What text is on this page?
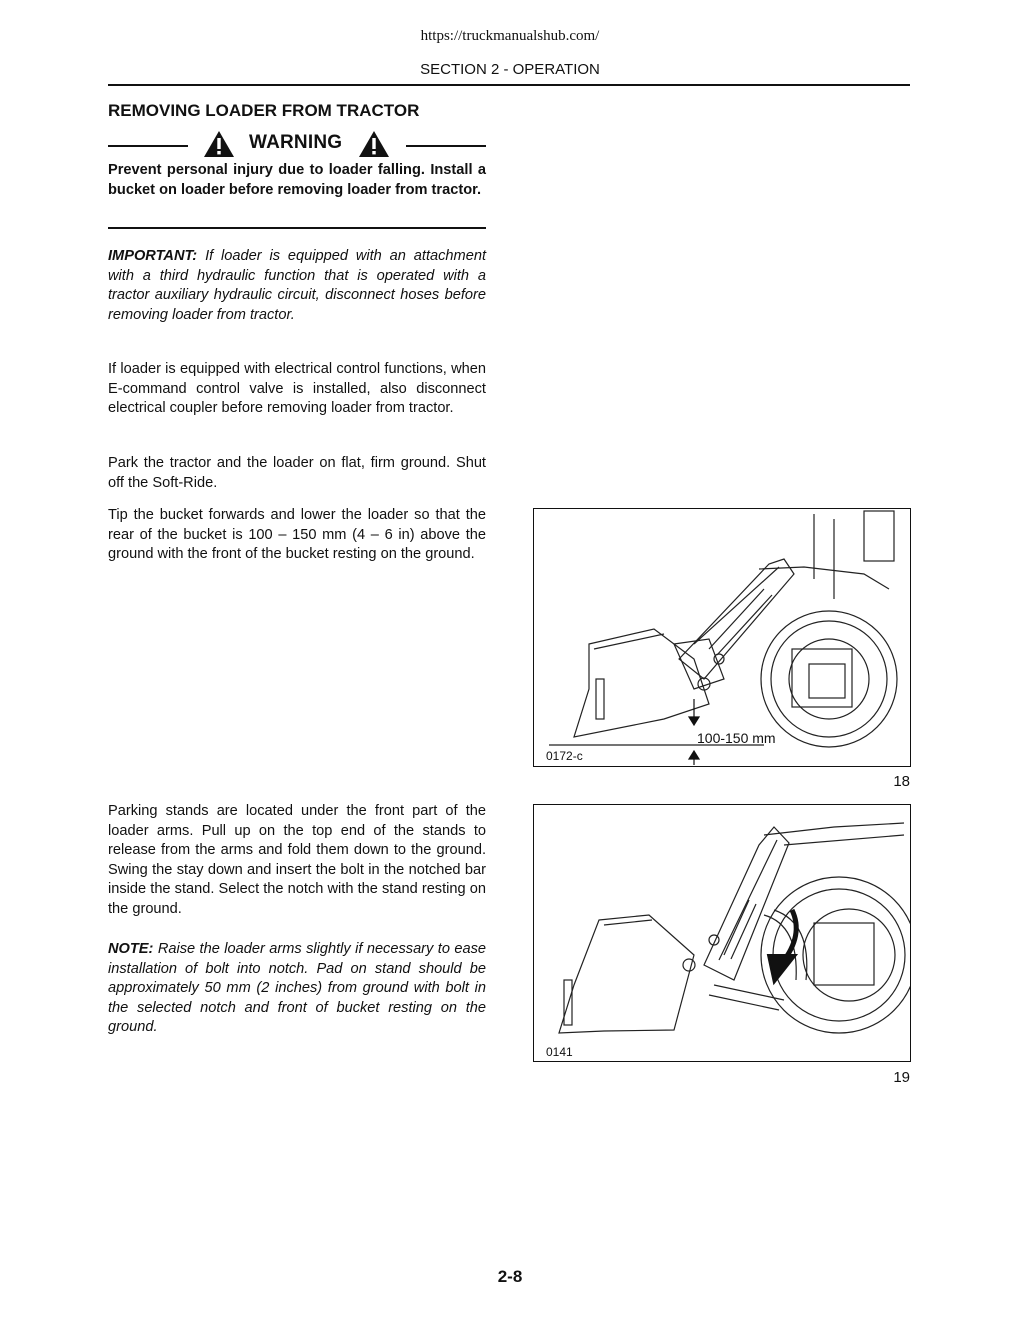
https://truckmanualshub.com/
SECTION 2 - OPERATION
REMOVING LOADER FROM TRACTOR
WARNING
Prevent personal injury due to loader falling. Install a bucket on loader before removing loader from tractor.
IMPORTANT: If loader is equipped with an attachment with a third hydraulic function that is operated with a tractor auxiliary hydraulic circuit, disconnect hoses before removing loader from tractor.
If loader is equipped with electrical control functions, when E-command control valve is installed, also disconnect electrical coupler before removing loader from tractor.
Park the tractor and the loader on flat, firm ground. Shut off the Soft-Ride.
Tip the bucket forwards and lower the loader so that the rear of the bucket is 100 – 150 mm (4 – 6 in) above the ground with the front of the bucket resting on the ground.
100-150 mm
0172-c
18
Parking stands are located under the front part of the loader arms. Pull up on the top end of the stands to release from the arms and fold them down to the ground. Swing the stay down and insert the bolt in the notched bar inside the stand. Select the notch with the stand resting on the ground.
NOTE: Raise the loader arms slightly if necessary to ease installation of bolt into notch. Pad on stand should be approximately 50 mm (2 inches) from ground with bolt in the selected notch and front of bucket resting on the ground.
0141
19
2-8
